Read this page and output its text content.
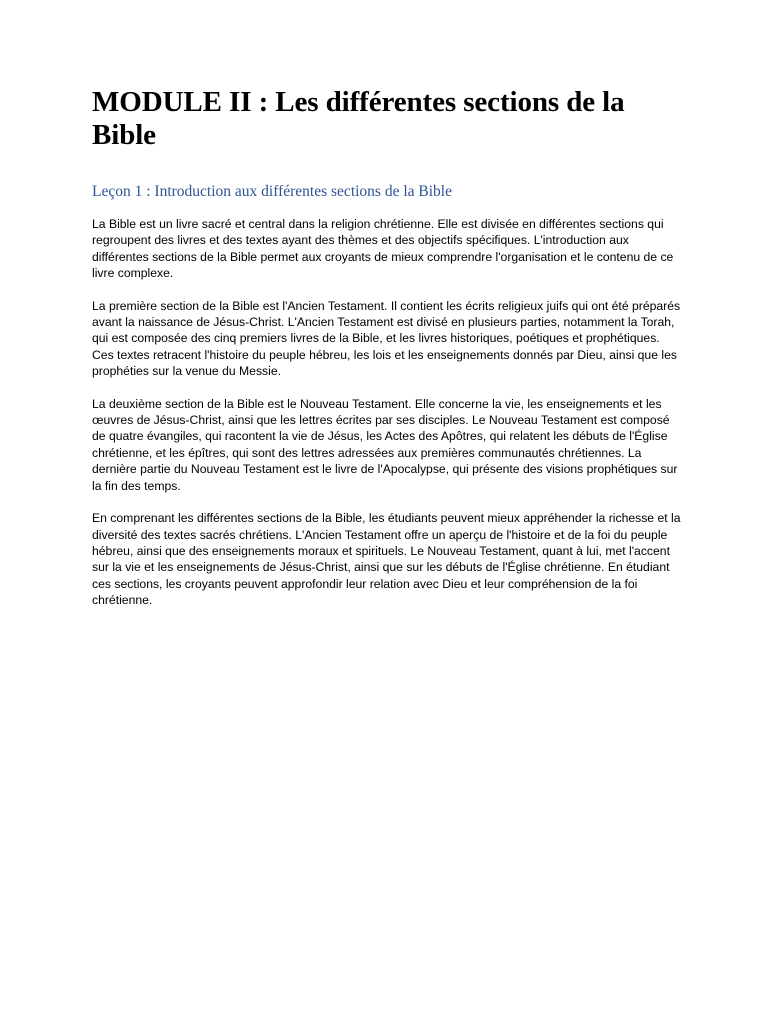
MODULE II : Les différentes sections de la Bible
Leçon 1 : Introduction aux différentes sections de la Bible

La Bible est un livre sacré et central dans la religion chrétienne. Elle est divisée en différentes sections qui regroupent des livres et des textes ayant des thèmes et des objectifs spécifiques. L'introduction aux différentes sections de la Bible permet aux croyants de mieux comprendre l'organisation et le contenu de ce livre complexe.

La première section de la Bible est l'Ancien Testament. Il contient les écrits religieux juifs qui ont été préparés avant la naissance de Jésus-Christ. L'Ancien Testament est divisé en plusieurs parties, notamment la Torah, qui est composée des cinq premiers livres de la Bible, et les livres historiques, poétiques et prophétiques. Ces textes retracent l'histoire du peuple hébreu, les lois et les enseignements donnés par Dieu, ainsi que les prophéties sur la venue du Messie.

La deuxième section de la Bible est le Nouveau Testament. Elle concerne la vie, les enseignements et les œuvres de Jésus-Christ, ainsi que les lettres écrites par ses disciples. Le Nouveau Testament est composé de quatre évangiles, qui racontent la vie de Jésus, les Actes des Apôtres, qui relatent les débuts de l'Église chrétienne, et les épîtres, qui sont des lettres adressées aux premières communautés chrétiennes. La dernière partie du Nouveau Testament est le livre de l'Apocalypse, qui présente des visions prophétiques sur la fin des temps.

En comprenant les différentes sections de la Bible, les étudiants peuvent mieux appréhender la richesse et la diversité des textes sacrés chrétiens. L'Ancien Testament offre un aperçu de l'histoire et de la foi du peuple hébreu, ainsi que des enseignements moraux et spirituels. Le Nouveau Testament, quant à lui, met l'accent sur la vie et les enseignements de Jésus-Christ, ainsi que sur les débuts de l'Église chrétienne. En étudiant ces sections, les croyants peuvent approfondir leur relation avec Dieu et leur compréhension de la foi chrétienne.
